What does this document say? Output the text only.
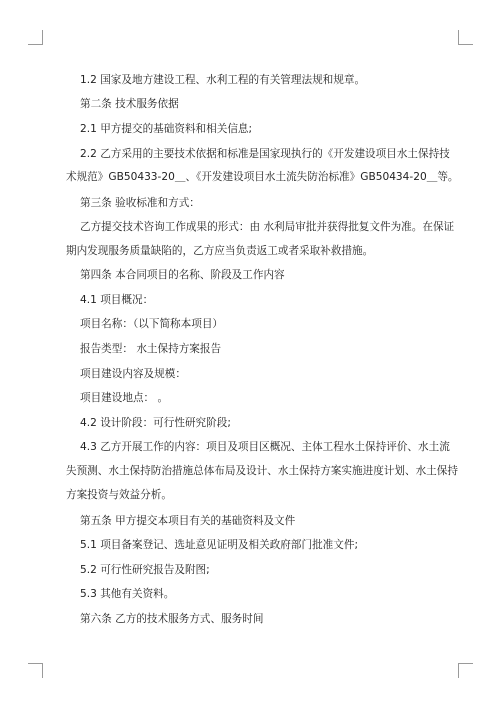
1.2 国家及地方建设工程、水利工程的有关管理法规和规章。
第二条 技术服务依据
2.1 甲方提交的基础资料和相关信息;
2.2 乙方采用的主要技术依据和标准是国家现执行的《开发建设项目水土保持技
术规范》GB50433-20＿、《开发建设项目水土流失防治标准》GB50434-20＿等。
第三条 验收标准和方式：
乙方提交技术咨询工作成果的形式：由 水利局审批并获得批复文件为准。在保证
期内发现服务质量缺陷的，乙方应当负责返工或者采取补救措施。
第四条 本合同项目的名称、阶段及工作内容
4.1 项目概况：
项目名称：（以下简称本项目）
报告类型： 水土保持方案报告
项目建设内容及规模：
项目建设地点： 。
4.2 设计阶段：可行性研究阶段;
4.3 乙方开展工作的内容：项目及项目区概况、主体工程水土保持评价、水土流
失预测、水土保持防治措施总体布局及设计、水土保持方案实施进度计划、水土保持
方案投资与效益分析。
第五条 甲方提交本项目有关的基础资料及文件
5.1 项目备案登记、选址意见证明及相关政府部门批准文件;
5.2 可行性研究报告及附图;
5.3 其他有关资料。
第六条 乙方的技术服务方式、服务时间
